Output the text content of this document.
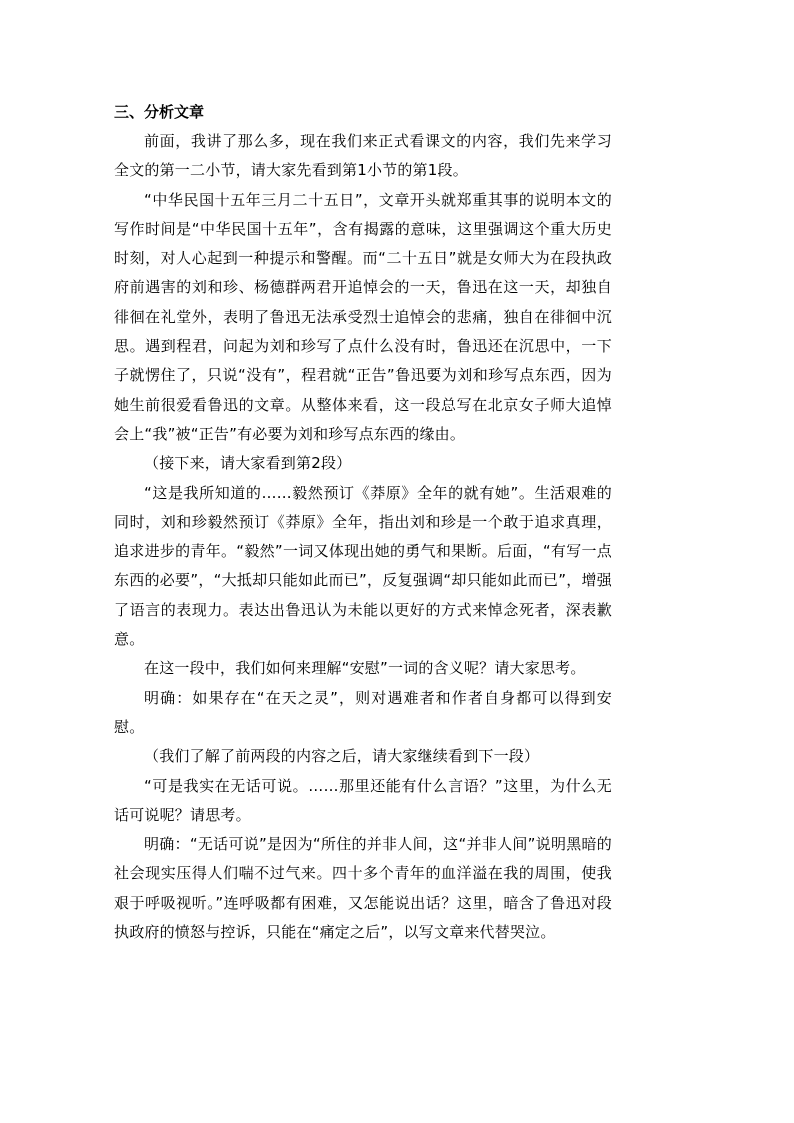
三、分析文章

前面，我讲了那么多，现在我们来正式看课文的内容，我们先来学习全文的第一二小节，请大家先看到第1小节的第1段。

“中华民国十五年三月二十五日”，文章开头就郑重其事的说明本文的写作时间是“中华民国十五年”，含有揭露的意味，这里强调这个重大历史时刻，对人心起到一种提示和警醒。而“二十五日”就是女师大为在段执政府前遇害的刘和珍、杨德群两君开追悼会的一天，鲁迅在这一天，却独自徘徊在礼堂外，表明了鲁迅无法承受烈士追悼会的悲痛，独自在徘徊中沉思。遇到程君，问起为刘和珍写了点什么没有时，鲁迅还在沉思中，一下子就愣住了，只说“没有”，程君就“正告”鲁迅要为刘和珍写点东西，因为她生前很爱看鲁迅的文章。从整体来看，这一段总写在北京女子师大追悼会上“我”被“正告”有必要为刘和珍写点东西的缘由。

（接下来，请大家看到第2段）

“这是我所知道的……毅然预订《莽原》全年的就有她”。生活艰难的同时，刘和珍毅然预订《莽原》全年，指出刘和珍是一个敢于追求真理，追求进步的青年。“毅然”一词又体现出她的勇气和果断。后面，“有写一点东西的必要”，“大抵却只能如此而已”，反复强调“却只能如此而已”，增强了语言的表现力。表达出鲁迅认为未能以更好的方式来悼念死者，深表歉意。

在这一段中，我们如何来理解“安慰”一词的含义呢？请大家思考。

明确：如果存在“在天之灵”，则对遇难者和作者自身都可以得到安慰。

（我们了解了前两段的内容之后，请大家继续看到下一段）

“可是我实在无话可说。……那里还能有什么言语？”这里，为什么无话可说呢？请思考。

明确：“无话可说”是因为“所住的并非人间，这“并非人间”说明黑暗的社会现实压得人们喘不过气来。四十多个青年的血洋溢在我的周围，使我艰于呼吸视听。”连呼吸都有困难，又怎能说出话？这里，暗含了鲁迅对段执政府的愤怒与控诉，只能在“痛定之后”，以写文章来代替哭泣。
